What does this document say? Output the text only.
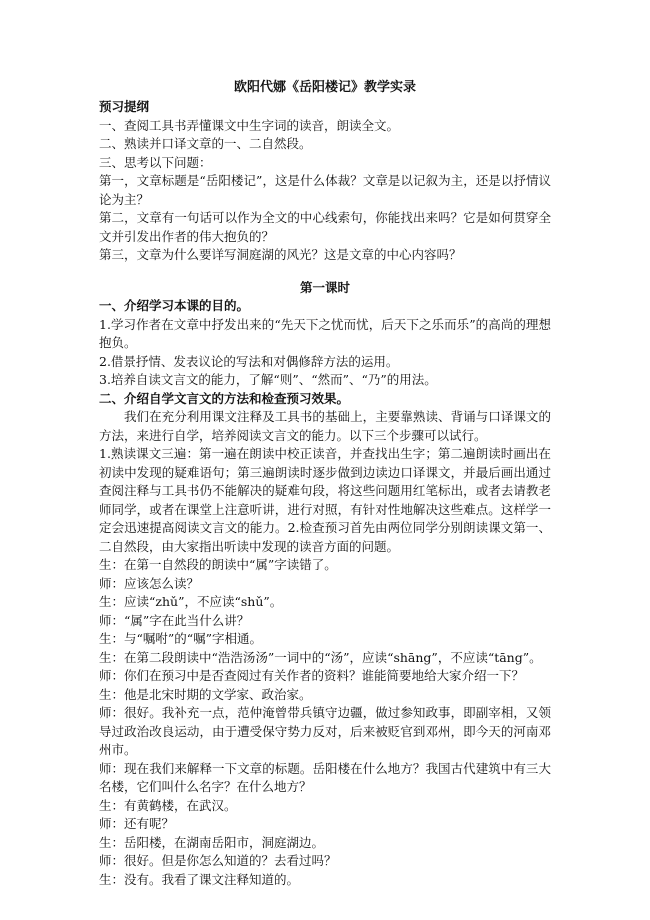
欧阳代娜《岳阳楼记》教学实录

预习提纲

一、查阅工具书弄懂课文中生字词的读音，朗读全文。

二、熟读并口译文章的一、二自然段。

三、思考以下问题：

第一，文章标题是“岳阳楼记”，这是什么体裁？文章是以记叙为主，还是以抒情议论为主？

第二，文章有一句话可以作为全文的中心线索句，你能找出来吗？它是如何贯穿全文并引发出作者的伟大抱负的？

第三，文章为什么要详写洞庭湖的风光？这是文章的中心内容吗？

第一课时

一、介绍学习本课的目的。

1.学习作者在文章中抒发出来的“先天下之忧而忧，后天下之乐而乐”的高尚的理想抱负。

2.借景抒情、发表议论的写法和对偶修辞方法的运用。

3.培养自读文言文的能力，了解“则”、“然而”、“乃”的用法。

二、介绍自学文言文的方法和检查预习效果。

我们在充分利用课文注释及工具书的基础上，主要靠熟读、背诵与口译课文的方法，来进行自学，培养阅读文言文的能力。以下三个步骤可以试行。

1.熟读课文三遍：第一遍在朗读中校正读音，并查找出生字；第二遍朗读时画出在初读中发现的疑难语句；第三遍朗读时逐步做到边读边口译课文，并最后画出通过查阅注释与工具书仍不能解决的疑难句段，将这些问题用红笔标出，或者去请教老师同学，或者在课堂上注意听讲，进行对照，有针对性地解决这些难点。这样学一定会迅速提高阅读文言文的能力。2.检查预习首先由两位同学分别朗读课文第一、二自然段，由大家指出听读中发现的读音方面的问题。

生：在第一自然段的朗读中“属”字读错了。

师：应该怎么读？

生：应读“zhǔ”，不应读“shǔ”。

师：“属”字在此当什么讲？

生：与“嘱咐”的“嘱”字相通。

生：在第二段朗读中“浩浩汤汤”一词中的“汤”，应读“shāng”，不应读“tāng”。

师：你们在预习中是否查阅过有关作者的资料？谁能简要地给大家介绍一下？

生：他是北宋时期的文学家、政治家。

师：很好。我补充一点，范仲淹曾带兵镇守边疆，做过参知政事，即副宰相，又领导过政治改良运动，由于遭受保守势力反对，后来被贬官到邓州，即今天的河南邓州市。

师：现在我们来解释一下文章的标题。岳阳楼在什么地方？我国古代建筑中有三大名楼，它们叫什么名字？在什么地方？

生：有黄鹤楼，在武汉。

师：还有呢？

生：岳阳楼，在湖南岳阳市，洞庭湖边。

师：很好。但是你怎么知道的？去看过吗？

生：没有。我看了课文注释知道的。
